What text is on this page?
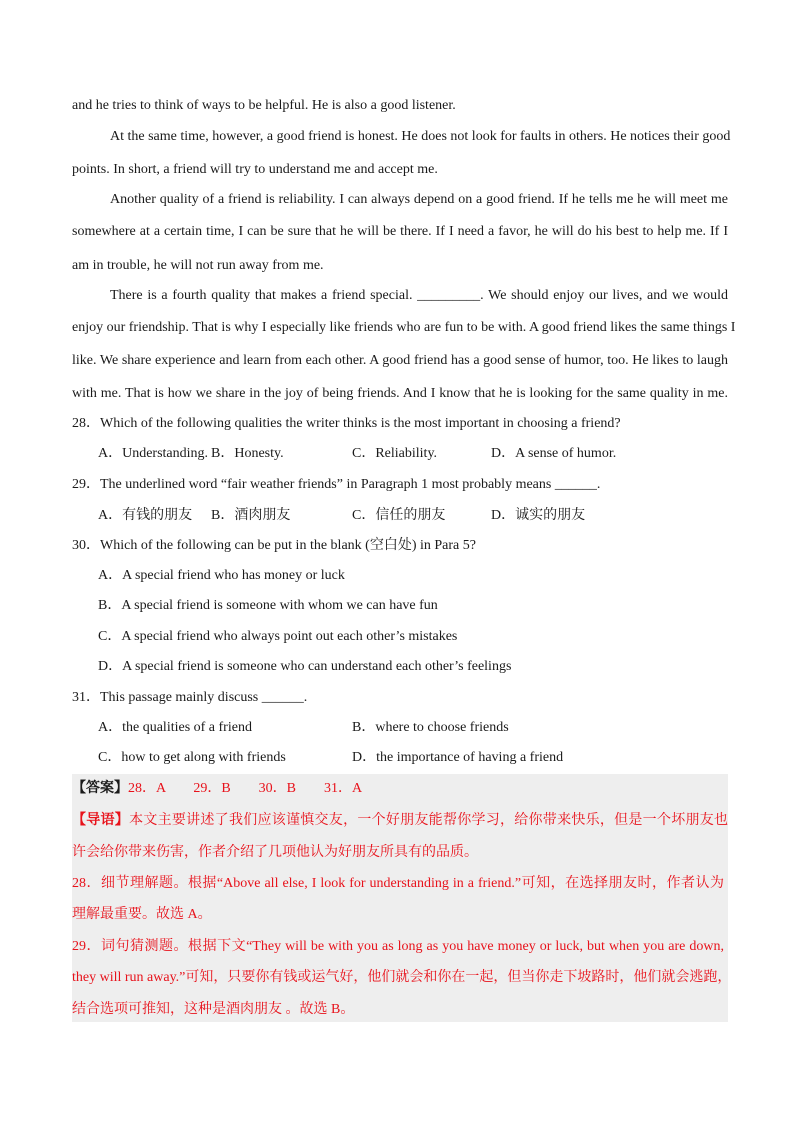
and he tries to think of ways to be helpful. He is also a good listener.
At the same time, however, a good friend is honest. He does not look for faults in others. He notices their good
points. In short, a friend will try to understand me and accept me.
Another quality of a friend is reliability. I can always depend on a good friend. If he tells me he will meet me
somewhere at a certain time, I can be sure that he will be there. If I need a favor, he will do his best to help me. If I
am in trouble, he will not run away from me.
There is a fourth quality that makes a friend special. _________. We should enjoy our lives, and we would
enjoy our friendship. That is why I especially like friends who are fun to be with. A good friend likes the same things I
like. We share experience and learn from each other. A good friend has a good sense of humor, too. He likes to laugh
with me. That is how we share in the joy of being friends. And I know that he is looking for the same quality in me.
28．Which of the following qualities the writer thinks is the most important in choosing a friend?
A．Understanding. B．Honesty.	C．Reliability.	D．A sense of humor.
29．The underlined word “fair weather friends” in Paragraph 1 most probably means ______.
A．有钱的朋友 B．酒肉朋友	C．信任的朋友	D．诚实的朋友
30．Which of the following can be put in the blank (空白处) in Para 5?
A．A special friend who has money or luck
B．A special friend is someone with whom we can have fun
C．A special friend who always point out each other’s mistakes
D．A special friend is someone who can understand each other’s feelings
31．This passage mainly discuss ______.
A．the qualities of a friend	B．where to choose friends
C．how to get along with friends	D．the importance of having a friend
【答案】28．A　　29．B　　30．B　　31．A
【导语】本文主要讲述了我们应该谨慎交友，一个好朋友能帮你学习，给你带来快乐，但是一个坏朋友也
许会给你带来伤害，作者介绍了几项他认为好朋友所具有的品质。
28．细节理解题。根据“Above all else, I look for understanding in a friend.”可知，在选择朋友时，作者认为
理解最重要。故选 A。
29．词句猜测题。根据下文“They will be with you as long as you have money or luck, but when you are down,
they will run away.”可知，只要你有钱或运气好，他们就会和你在一起，但当你走下坡路时，他们就会逃跑，
结合选项可推知，这种是酒肉朋友 。故选 B。
